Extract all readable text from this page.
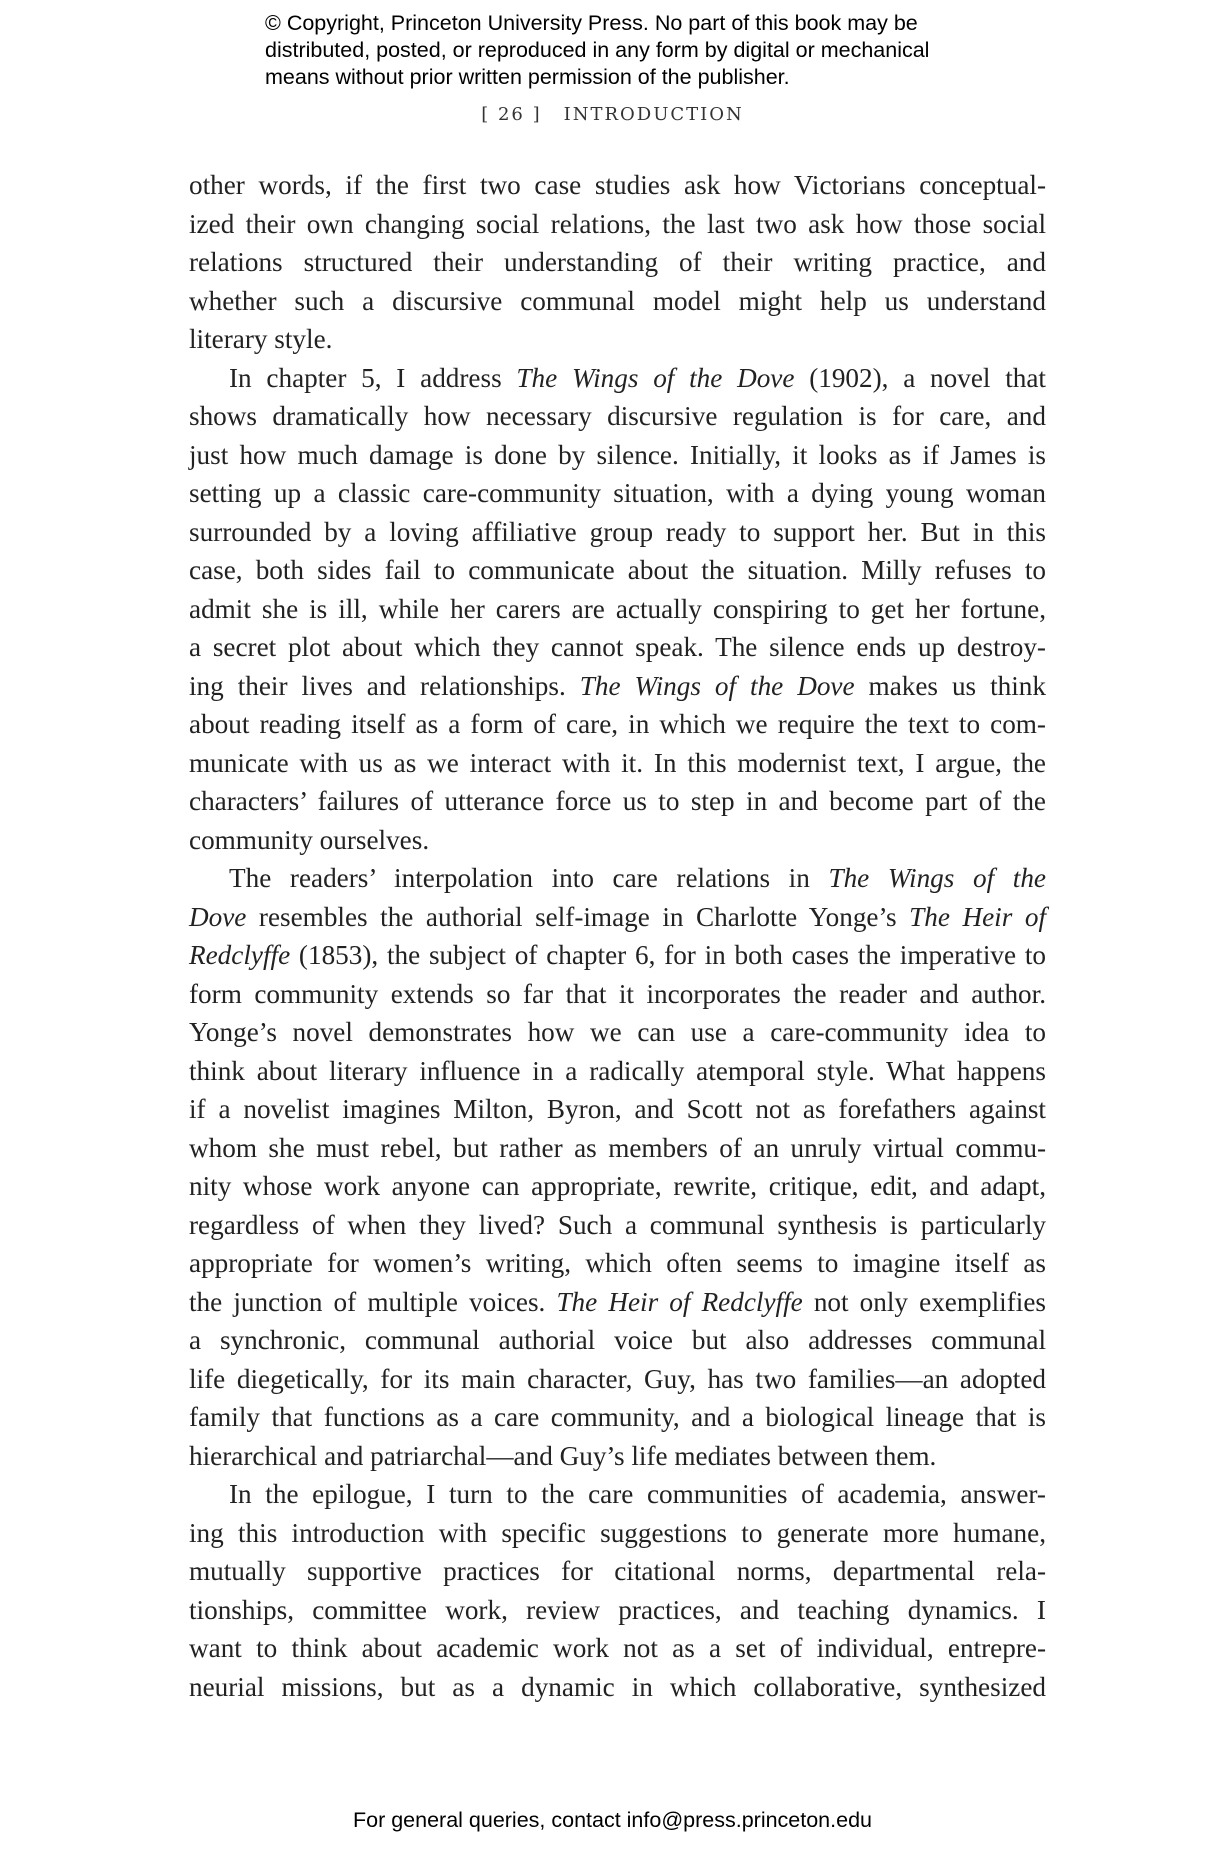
© Copyright, Princeton University Press. No part of this book may be
distributed, posted, or reproduced in any form by digital or mechanical
means without prior written permission of the publisher.
[ 26 ] INTRODUCTION
other words, if the first two case studies ask how Victorians conceptual-
ized their own changing social relations, the last two ask how those social
relations structured their understanding of their writing practice, and
whether such a discursive communal model might help us understand
literary style.
In chapter 5, I address The Wings of the Dove (1902), a novel that
shows dramatically how necessary discursive regulation is for care, and
just how much damage is done by silence. Initially, it looks as if James is
setting up a classic care-community situation, with a dying young woman
surrounded by a loving affiliative group ready to support her. But in this
case, both sides fail to communicate about the situation. Milly refuses to
admit she is ill, while her carers are actually conspiring to get her fortune,
a secret plot about which they cannot speak. The silence ends up destroy-
ing their lives and relationships. The Wings of the Dove makes us think
about reading itself as a form of care, in which we require the text to com-
municate with us as we interact with it. In this modernist text, I argue, the
characters’ failures of utterance force us to step in and become part of the
community ourselves.
The readers’ interpolation into care relations in The Wings of the
Dove resembles the authorial self-image in Charlotte Yonge’s The Heir of
Redclyffe (1853), the subject of chapter 6, for in both cases the imperative to
form community extends so far that it incorporates the reader and author.
Yonge’s novel demonstrates how we can use a care-community idea to
think about literary influence in a radically atemporal style. What happens
if a novelist imagines Milton, Byron, and Scott not as forefathers against
whom she must rebel, but rather as members of an unruly virtual commu-
nity whose work anyone can appropriate, rewrite, critique, edit, and adapt,
regardless of when they lived? Such a communal synthesis is particularly
appropriate for women’s writing, which often seems to imagine itself as
the junction of multiple voices. The Heir of Redclyffe not only exemplifies
a synchronic, communal authorial voice but also addresses communal
life diegetically, for its main character, Guy, has two families—an adopted
family that functions as a care community, and a biological lineage that is
hierarchical and patriarchal—and Guy’s life mediates between them.
In the epilogue, I turn to the care communities of academia, answer-
ing this introduction with specific suggestions to generate more humane,
mutually supportive practices for citational norms, departmental rela-
tionships, committee work, review practices, and teaching dynamics. I
want to think about academic work not as a set of individual, entrepre-
neurial missions, but as a dynamic in which collaborative, synthesized
For general queries, contact info@press.princeton.edu
